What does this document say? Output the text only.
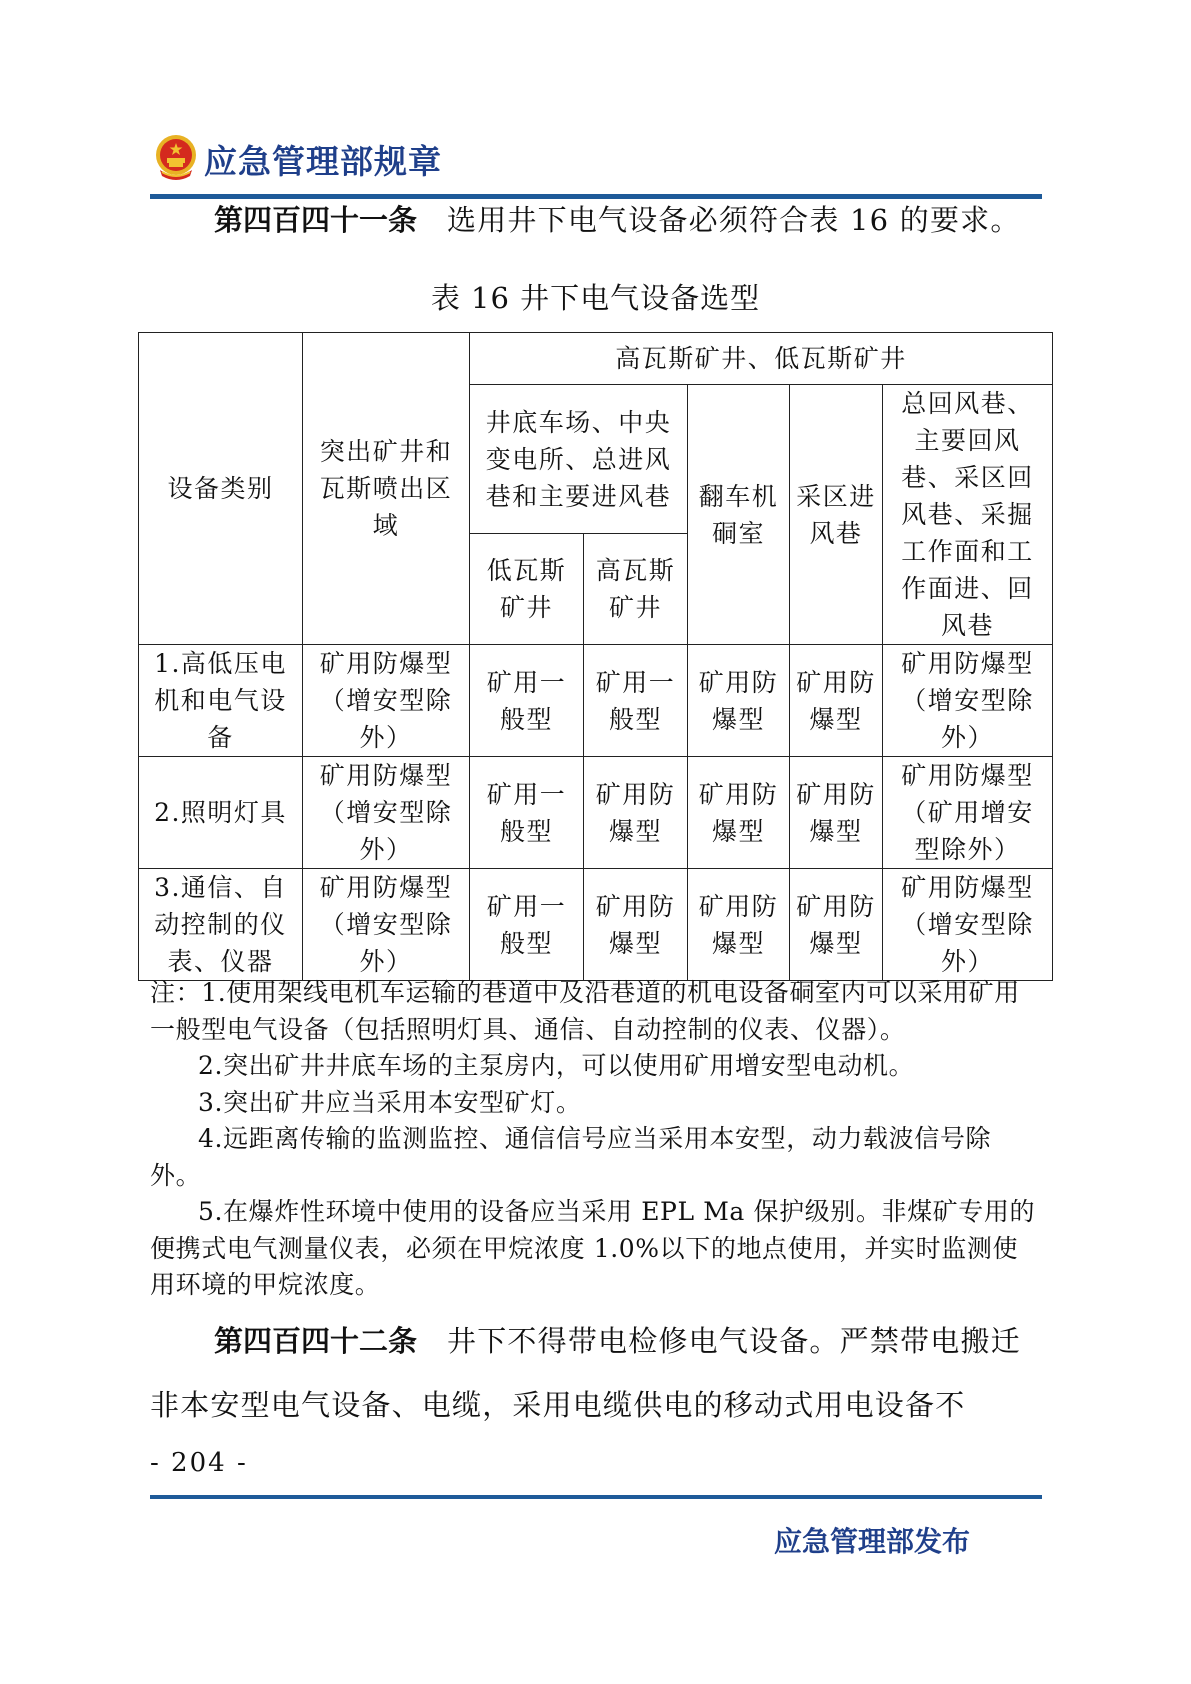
应急管理部规章
第四百四十一条 选用井下电气设备必须符合表 16 的要求。
表 16 井下电气设备选型
设备类别	突出矿井和瓦斯喷出区域	高瓦斯矿井、低瓦斯矿井				
		井底车场、中央变电所、总进风巷和主要进风巷		翻车机硐室	采区进风巷	总回风巷、主要回风巷、采区回风巷、采掘工作面和工作面进、回风巷
		低瓦斯矿井	高瓦斯矿井			
1.高低压电机和电气设备	矿用防爆型（增安型除外）	矿用一般型	矿用一般型	矿用防爆型	矿用防爆型	矿用防爆型（增安型除外）
2.照明灯具	矿用防爆型（增安型除外）	矿用一般型	矿用防爆型	矿用防爆型	矿用防爆型	矿用防爆型（矿用增安型除外）
3.通信、自动控制的仪表、仪器	矿用防爆型（增安型除外）	矿用一般型	矿用防爆型	矿用防爆型	矿用防爆型	矿用防爆型（增安型除外）

注：1.使用架线电机车运输的巷道中及沿巷道的机电设备硐室内可以采用矿用一般型电气设备（包括照明灯具、通信、自动控制的仪表、仪器）。

2.突出矿井井底车场的主泵房内，可以使用矿用增安型电动机。

3.突出矿井应当采用本安型矿灯。

4.远距离传输的监测监控、通信信号应当采用本安型，动力载波信号除外。

5.在爆炸性环境中使用的设备应当采用 EPL Ma 保护级别。非煤矿专用的便携式电气测量仪表，必须在甲烷浓度 1.0%以下的地点使用，并实时监测使用环境的甲烷浓度。

第四百四十二条 井下不得带电检修电气设备。严禁带电搬迁非本安型电气设备、电缆，采用电缆供电的移动式用电设备不
- 204 -
应急管理部发布
